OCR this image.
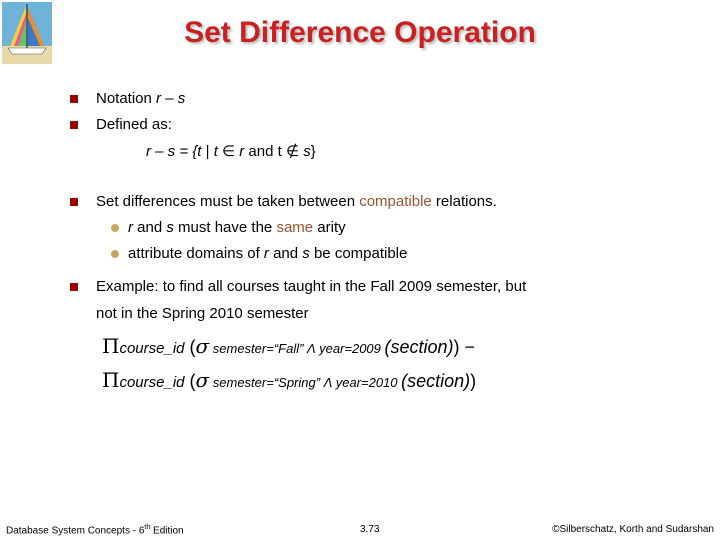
Set Difference Operation
Notation r – s
Defined as:
r – s = {t | t ∈ r and t ∉ s}
Set differences must be taken between compatible relations.
r and s must have the same arity
attribute domains of r and s be compatible
Example: to find all courses taught in the Fall 2009 semester, but
not in the Spring 2010 semester
Πcourse_id (σ semester=“Fall” Λ year=2009 (section)) −
Πcourse_id (σ semester=“Spring” Λ year=2010 (section))
Database System Concepts - 6th Edition	3.73	©Silberschatz, Korth and Sudarshan
